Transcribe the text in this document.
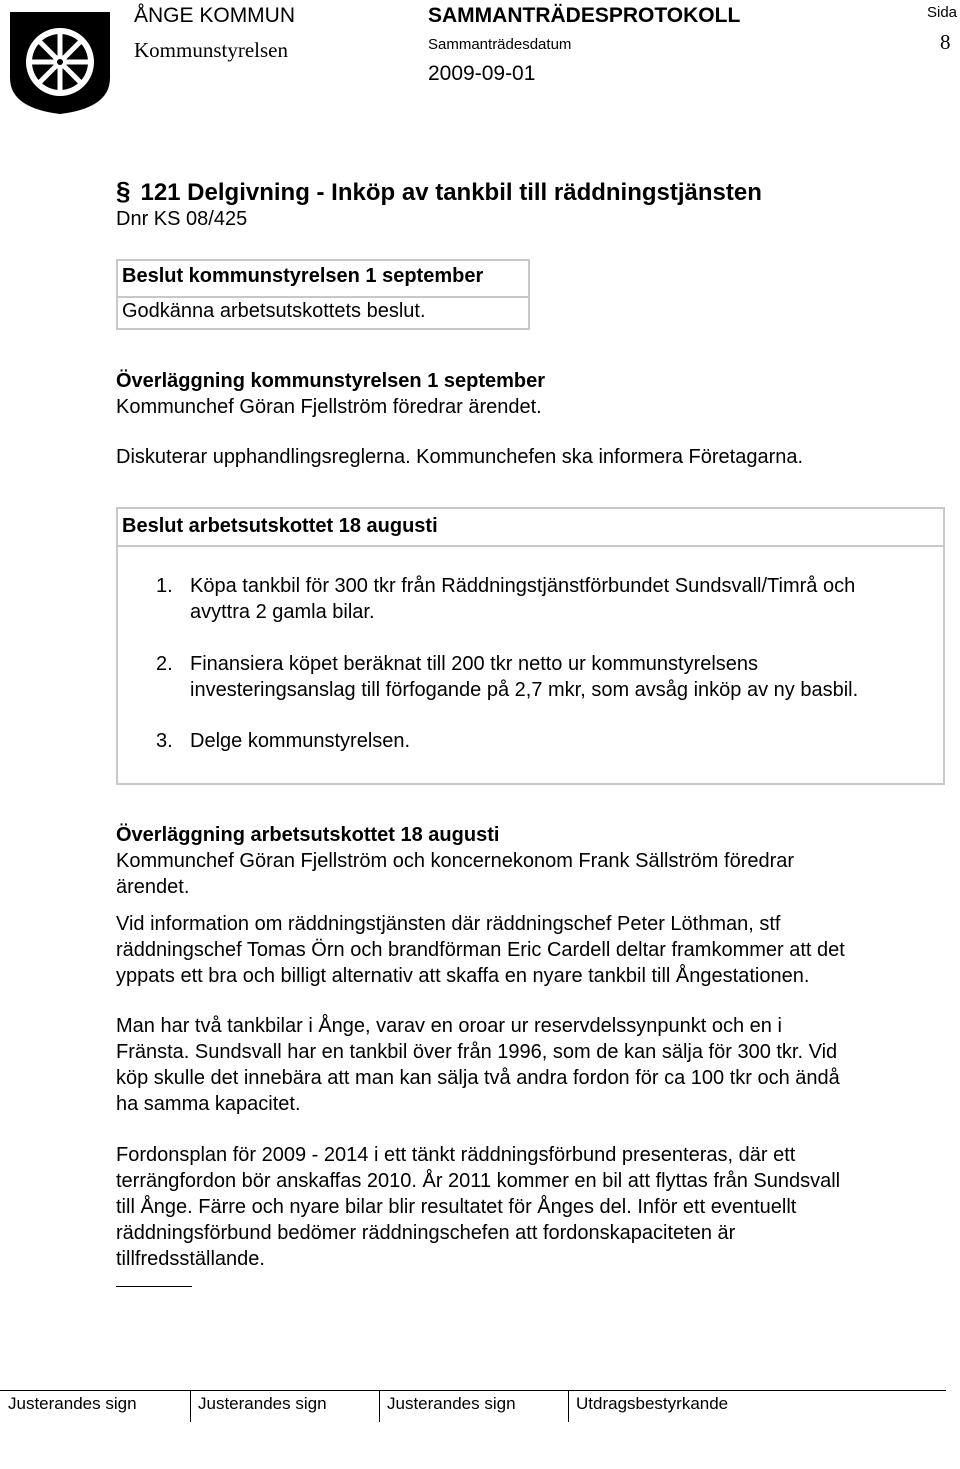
ÅNGE KOMMUN
Kommunstyrelsen
SAMMANTRÄDESPROTOKOLL
Sammanträdesdatum
2009-09-01
Sida
8
§ 121 Delgivning - Inköp av tankbil till räddningstjänsten
Dnr KS 08/425
Beslut kommunstyrelsen 1 september
Godkänna arbetsutskottets beslut.
Överläggning kommunstyrelsen 1 september
Kommunchef Göran Fjellström föredrar ärendet.
Diskuterar upphandlingsreglerna. Kommunchefen ska informera Företagarna.
Beslut arbetsutskottet 18 augusti
1. Köpa tankbil för 300 tkr från Räddningstjänstförbundet Sundsvall/Timrå och
avyttra 2 gamla bilar.
2. Finansiera köpet beräknat till 200 tkr netto ur kommunstyrelsens
investeringsanslag till förfogande på 2,7 mkr, som avsåg inköp av ny basbil.
3. Delge kommunstyrelsen.
Överläggning arbetsutskottet 18 augusti
Kommunchef Göran Fjellström och koncernekonom Frank Sällström föredrar
ärendet.
Vid information om räddningstjänsten där räddningschef Peter Löthman, stf
räddningschef Tomas Örn och brandförman Eric Cardell deltar framkommer att det
yppats ett bra och billigt alternativ att skaffa en nyare tankbil till Ångestationen.
Man har två tankbilar i Ånge, varav en oroar ur reservdelssynpunkt och en i
Fränsta. Sundsvall har en tankbil över från 1996, som de kan sälja för 300 tkr. Vid
köp skulle det innebära att man kan sälja två andra fordon för ca 100 tkr och ändå
ha samma kapacitet.
Fordonsplan för 2009 - 2014 i ett tänkt räddningsförbund presenteras, där ett
terrängfordon bör anskaffas 2010. År 2011 kommer en bil att flyttas från Sundsvall
till Ånge. Färre och nyare bilar blir resultatet för Ånges del. Inför ett eventuellt
räddningsförbund bedömer räddningschefen att fordonskapaciteten är
tillfredsställande.
Justerandes sign	Justerandes sign	Justerandes sign	Utdragsbestyrkande
